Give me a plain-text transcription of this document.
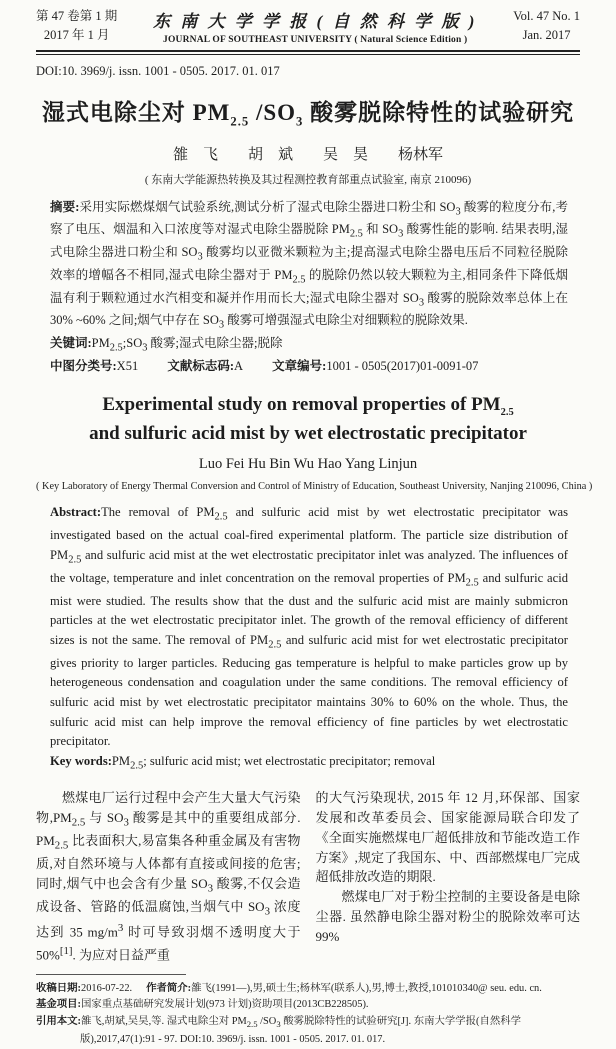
第 47 卷第 1 期
2017 年 1 月
东 南 大 学 学 报 ( 自 然 科 学 版 )
JOURNAL OF SOUTHEAST UNIVERSITY ( Natural Science Edition )
Vol. 47 No. 1
Jan. 2017
DOI:10. 3969/j. issn. 1001 - 0505. 2017. 01. 017
湿式电除尘对 $PM_{2.5}$ $/SO_3$ 酸雾脱除特性的试验研究
雒　飞　　胡　斌　　吴　昊　　杨林军
( 东南大学能源热转换及其过程测控教育部重点试验室, 南京 210096)
摘要:采用实际燃煤烟气试验系统,测试分析了湿式电除尘器进口粉尘和 $SO_3$ 酸雾的粒度分布,考察了电压、烟温和入口浓度等对湿式电除尘器脱除 $PM_{2.5}$ 和 $SO_3$ 酸雾性能的影响. 结果表明,湿式电除尘器进口粉尘和 $SO_3$ 酸雾均以亚微米颗粒为主;提高湿式电除尘器电压后不同粒径脱除效率的增幅各不相同,湿式电除尘器对于 $PM_{2.5}$ 的脱除仍然以较大颗粒为主,相同条件下降低烟温有利于颗粒通过水汽相变和凝并作用而长大;湿式电除尘器对 $SO_3$ 酸雾的脱除效率总体上在 30% ~60% 之间;烟气中存在 $SO_3$ 酸雾可增强湿式电除尘对细颗粒的脱除效果.
关键词$:PM_{2.5};SO_3$ 酸雾;湿式电除尘器;脱除
中图分类号:X51 文献标志码:A 文章编号:1001 - 0505(2017)01-0091-07
Experimental study on removal properties of $PM_{2.5}$
and sulfuric acid mist by wet electrostatic precipitator
Luo Fei Hu Bin Wu Hao Yang Linjun
( Key Laboratory of Energy Thermal Conversion and Control of Ministry of Education, Southeast University, Nanjing 210096, China )

Abstract:The removal of $PM_{2.5}$ and sulfuric acid mist by wet electrostatic precipitator was investigated based on the actual coal-fired experimental platform. The particle size distribution of $PM_{2.5}$ and sulfuric acid mist at the wet electrostatic precipitator inlet was analyzed. The influences of the voltage, temperature and inlet concentration on the removal properties of $PM_{2.5}$ and sulfuric acid mist were studied. The results show that the dust and the sulfuric acid mist are mainly submicron particles at the wet electrostatic precipitator inlet. The growth of the removal efficiency of different sizes is not the same. The removal of $PM_{2.5}$ and sulfuric acid mist for wet electrostatic precipitator gives priority to larger particles. Reducing gas temperature is helpful to make particles grow up by heterogeneous condensation and coagulation under the same conditions. The removal efficiency of sulfuric acid mist by wet electrostatic precipitator maintains 30% to 60% on the whole. Thus, the sulfuric acid mist can help improve the removal efficiency of fine particles by wet electrostatic precipitator.

Key $words:PM_{2.5}$; sulfuric acid mist; wet electrostatic precipitator; removal

燃煤电厂运行过程中会产生大量大气污染物$,PM_{2.5}$ 与 $SO_3$ 酸雾是其中的重要组成部分. $PM_{2.5}$ 比表面积大,易富集各种重金属及有害物质,对自然环境与人体都有直接或间接的危害;同时,烟气中也会含有少量 $SO_3$ 酸雾,不仅会造成设备、管路的低温腐蚀,当烟气中 $SO_3$ 浓度达到 35 $mg/m^3$ 时可导致羽烟不透明度大于 50%[1]. 为应对日益严重

的大气污染现状, 2015 年 12 月,环保部、国家发展和改革委员会、国家能源局联合印发了《全面实施燃煤电厂超低排放和节能改造工作方案》,规定了我国东、中、西部燃煤电厂完成超低排放改造的期限.

燃煤电厂对于粉尘控制的主要设备是电除尘器. 虽然静电除尘器对粉尘的脱除效率可达 99%

收稿日期:2016-07-22. 作者简介:雒飞(1991—),男,硕士生;杨林军(联系人),男,博士,教授,101010340@ seu. edu. cn.
基金项目:国家重点基础研究发展计划(973 计划)资助项目(2013CB228505).
引用本文:雒飞,胡斌,吴昊,等. 湿式电除尘对 $PM_{2.5}$ $/SO_3$ 酸雾脱除特性的试验研究[J]. 东南大学学报(自然科学版),2017,47(1):91 - 97. DOI:10. 3969/j. issn. 1001 - 0505. 2017. 01. 017.
